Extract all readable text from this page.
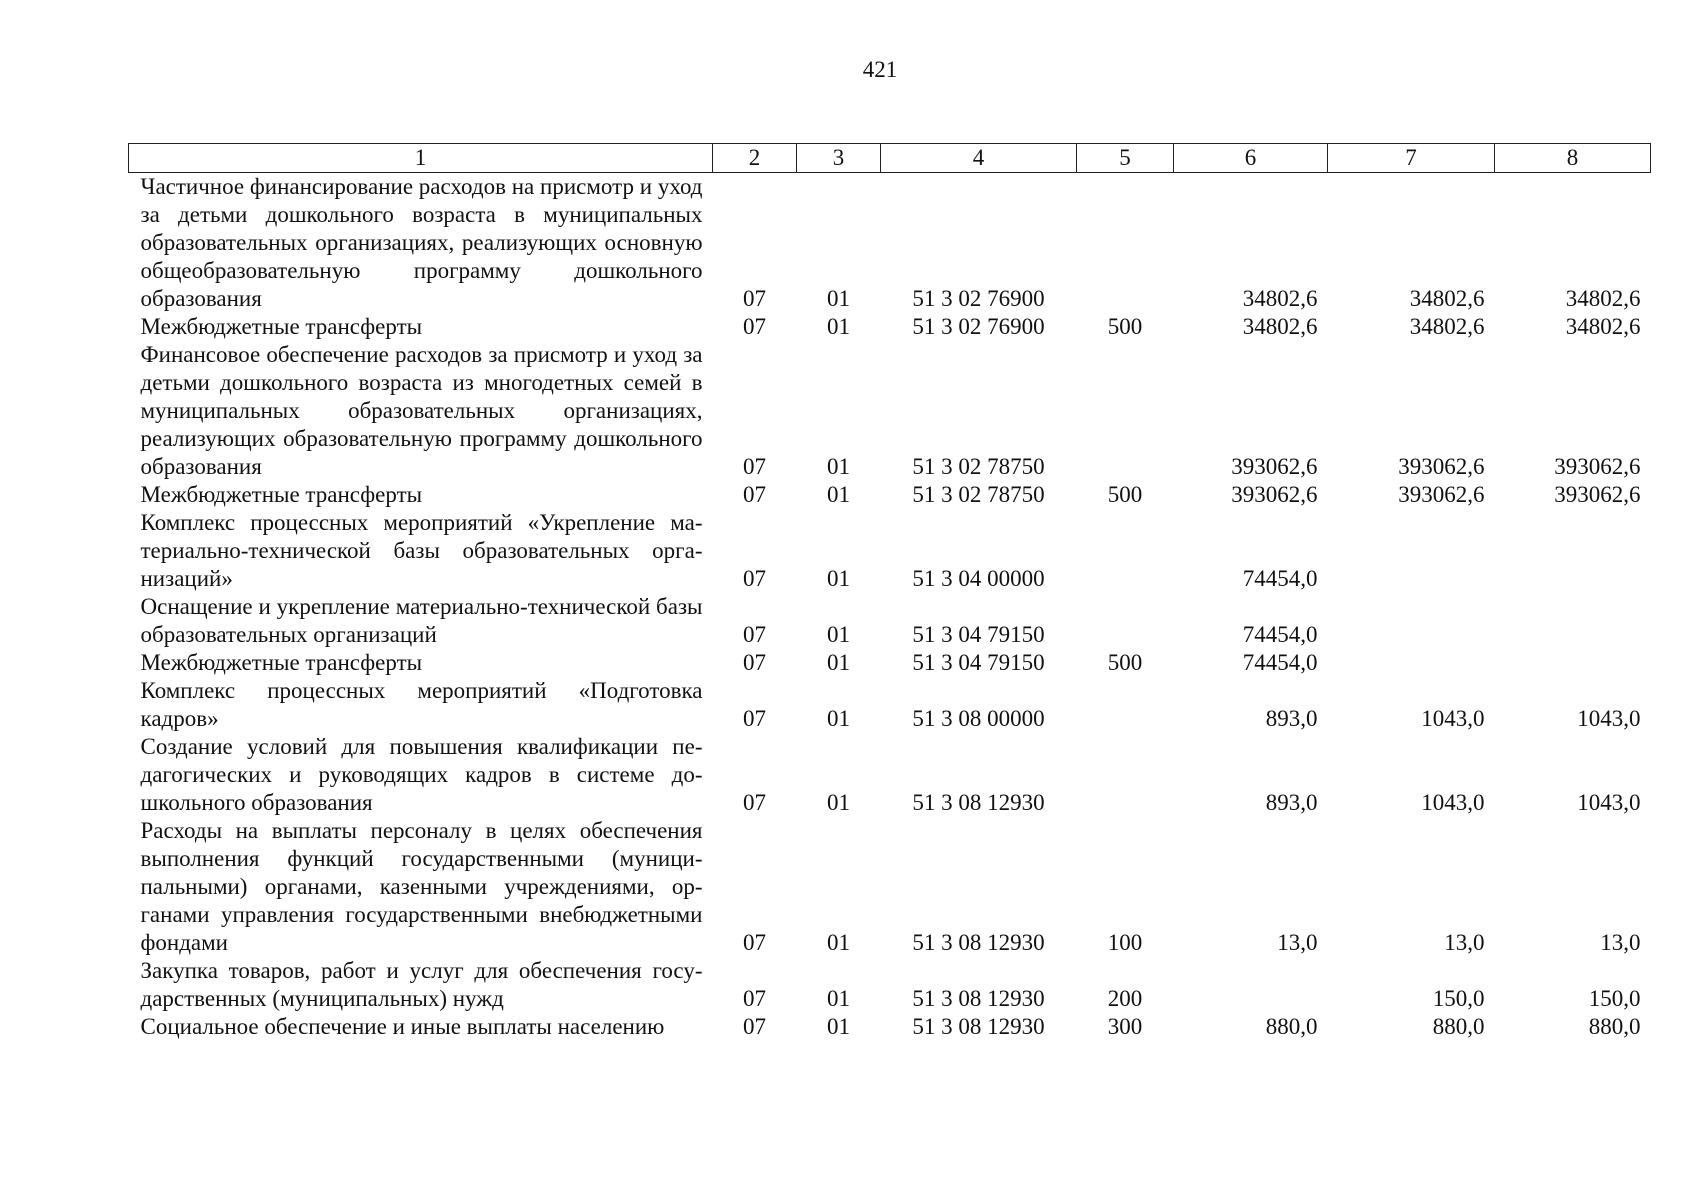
421
1	2	3	4	5	6	7	8
Частичное финансирование расходов на присмотр и уход за детьми дошкольного возраста в муниципальных образовательных организациях, реализующих основную общеобразовательную программу дошкольного образования	07	01	51 3 02 76900		34802,6	34802,6	34802,6
Межбюджетные трансферты	07	01	51 3 02 76900	500	34802,6	34802,6	34802,6
Финансовое обеспечение расходов за присмотр и уход за детьми дошкольного возраста из многодетных семей в муниципальных образовательных организациях, реализующих образовательную программу дошкольного образования	07	01	51 3 02 78750		393062,6	393062,6	393062,6
Межбюджетные трансферты	07	01	51 3 02 78750	500	393062,6	393062,6	393062,6
Комплекс процессных мероприятий «Укрепление материально-технической базы образовательных организаций»	07	01	51 3 04 00000		74454,0		
Оснащение и укрепление материально-технической базы образовательных организаций	07	01	51 3 04 79150		74454,0		
Межбюджетные трансферты	07	01	51 3 04 79150	500	74454,0		
Комплекс процессных мероприятий «Подготовка кадров»	07	01	51 3 08 00000		893,0	1043,0	1043,0
Создание условий для повышения квалификации педагогических и руководящих кадров в системе дошкольного образования	07	01	51 3 08 12930		893,0	1043,0	1043,0
Расходы на выплаты персоналу в целях обеспечения выполнения функций государственными (муниципальными) органами, казенными учреждениями, органами управления государственными внебюджетными фондами	07	01	51 3 08 12930	100	13,0	13,0	13,0
Закупка товаров, работ и услуг для обеспечения государственных (муниципальных) нужд	07	01	51 3 08 12930	200		150,0	150,0
Социальное обеспечение и иные выплаты населению	07	01	51 3 08 12930	300	880,0	880,0	880,0
